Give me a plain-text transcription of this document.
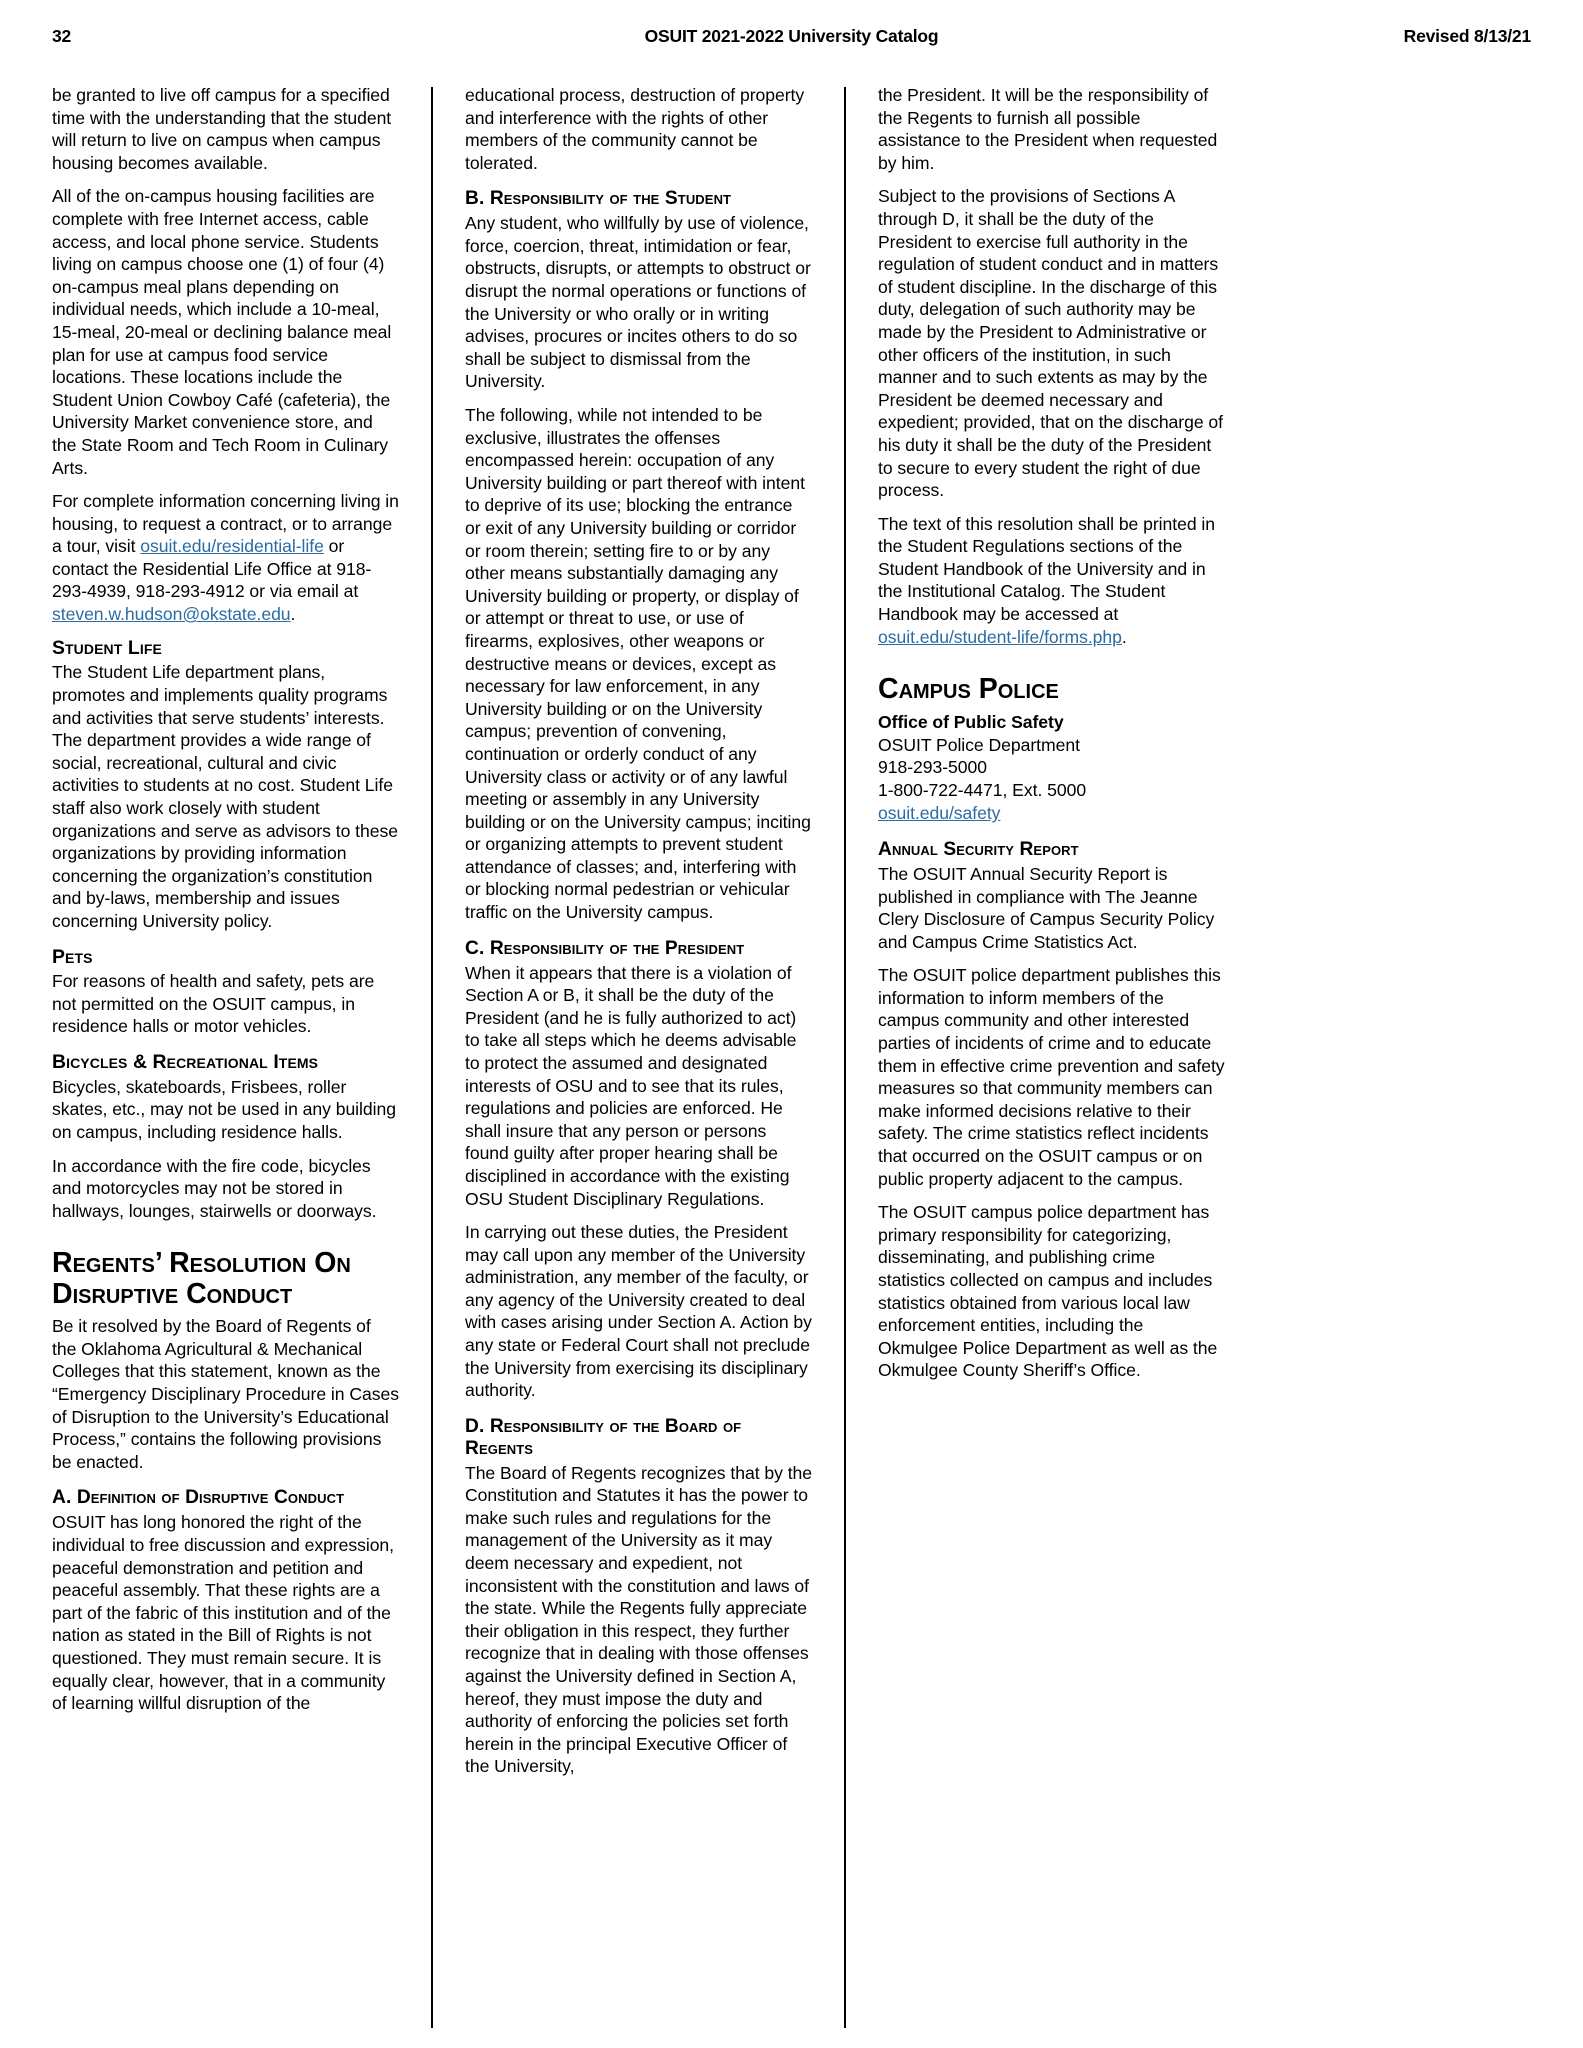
32	OSUIT 2021-2022 University Catalog	Revised 8/13/21

be granted to live off campus for a specified time with the understanding that the student will return to live on campus when campus housing becomes available.

All of the on-campus housing facilities are complete with free Internet access, cable access, and local phone service. Students living on campus choose one (1) of four (4) on-campus meal plans depending on individual needs, which include a 10-meal, 15-meal, 20-meal or declining balance meal plan for use at campus food service locations. These locations include the Student Union Cowboy Café (cafeteria), the University Market convenience store, and the State Room and Tech Room in Culinary Arts.

For complete information concerning living in housing, to request a contract, or to arrange a tour, visit osuit.edu/residential-life or contact the Residential Life Office at 918-293-4939, 918-293-4912 or via email at steven.w.hudson@okstate.edu.

Student Life

The Student Life department plans, promotes and implements quality programs and activities that serve students’ interests. The department provides a wide range of social, recreational, cultural and civic activities to students at no cost. Student Life staff also work closely with student organizations and serve as advisors to these organizations by providing information concerning the organization’s constitution and by-laws, membership and issues concerning University policy.

Pets

For reasons of health and safety, pets are not permitted on the OSUIT campus, in residence halls or motor vehicles.

Bicycles & Recreational Items

Bicycles, skateboards, Frisbees, roller skates, etc., may not be used in any building on campus, including residence halls.

In accordance with the fire code, bicycles and motorcycles may not be stored in hallways, lounges, stairwells or doorways.

Regents’ Resolution On Disruptive Conduct

Be it resolved by the Board of Regents of the Oklahoma Agricultural & Mechanical Colleges that this statement, known as the “Emergency Disciplinary Procedure in Cases of Disruption to the University’s Educational Process,” contains the following provisions be enacted.

A. Definition of Disruptive Conduct

OSUIT has long honored the right of the individual to free discussion and expression, peaceful demonstration and petition and peaceful assembly. That these rights are a part of the fabric of this institution and of the nation as stated in the Bill of Rights is not questioned. They must remain secure. It is equally clear, however, that in a community of learning willful disruption of the

educational process, destruction of property and interference with the rights of other members of the community cannot be tolerated.

B. Responsibility of the Student

Any student, who willfully by use of violence, force, coercion, threat, intimidation or fear, obstructs, disrupts, or attempts to obstruct or disrupt the normal operations or functions of the University or who orally or in writing advises, procures or incites others to do so shall be subject to dismissal from the University.

The following, while not intended to be exclusive, illustrates the offenses encompassed herein: occupation of any University building or part thereof with intent to deprive of its use; blocking the entrance or exit of any University building or corridor or room therein; setting fire to or by any other means substantially damaging any University building or property, or display of or attempt or threat to use, or use of firearms, explosives, other weapons or destructive means or devices, except as necessary for law enforcement, in any University building or on the University campus; prevention of convening, continuation or orderly conduct of any University class or activity or of any lawful meeting or assembly in any University building or on the University campus; inciting or organizing attempts to prevent student attendance of classes; and, interfering with or blocking normal pedestrian or vehicular traffic on the University campus.

C. Responsibility of the President

When it appears that there is a violation of Section A or B, it shall be the duty of the President (and he is fully authorized to act) to take all steps which he deems advisable to protect the assumed and designated interests of OSU and to see that its rules, regulations and policies are enforced. He shall insure that any person or persons found guilty after proper hearing shall be disciplined in accordance with the existing OSU Student Disciplinary Regulations.

In carrying out these duties, the President may call upon any member of the University administration, any member of the faculty, or any agency of the University created to deal with cases arising under Section A. Action by any state or Federal Court shall not preclude the University from exercising its disciplinary authority.

D. Responsibility of the Board of Regents

The Board of Regents recognizes that by the Constitution and Statutes it has the power to make such rules and regulations for the management of the University as it may deem necessary and expedient, not inconsistent with the constitution and laws of the state. While the Regents fully appreciate their obligation in this respect, they further recognize that in dealing with those offenses against the University defined in Section A, hereof, they must impose the duty and authority of enforcing the policies set forth herein in the principal Executive Officer of the University,

the President. It will be the responsibility of the Regents to furnish all possible assistance to the President when requested by him.

Subject to the provisions of Sections A through D, it shall be the duty of the President to exercise full authority in the regulation of student conduct and in matters of student discipline. In the discharge of this duty, delegation of such authority may be made by the President to Administrative or other officers of the institution, in such manner and to such extents as may by the President be deemed necessary and expedient; provided, that on the discharge of his duty it shall be the duty of the President to secure to every student the right of due process.

The text of this resolution shall be printed in the Student Regulations sections of the Student Handbook of the University and in the Institutional Catalog. The Student Handbook may be accessed at osuit.edu/student-life/forms.php.

Campus Police

Office of Public Safety

OSUIT Police Department

918-293-5000

1-800-722-4471, Ext. 5000

osuit.edu/safety

Annual Security Report

The OSUIT Annual Security Report is published in compliance with The Jeanne Clery Disclosure of Campus Security Policy and Campus Crime Statistics Act.

The OSUIT police department publishes this information to inform members of the campus community and other interested parties of incidents of crime and to educate them in effective crime prevention and safety measures so that community members can make informed decisions relative to their safety. The crime statistics reflect incidents that occurred on the OSUIT campus or on public property adjacent to the campus.

The OSUIT campus police department has primary responsibility for categorizing, disseminating, and publishing crime statistics collected on campus and includes statistics obtained from various local law enforcement entities, including the Okmulgee Police Department as well as the Okmulgee County Sheriff’s Office.
